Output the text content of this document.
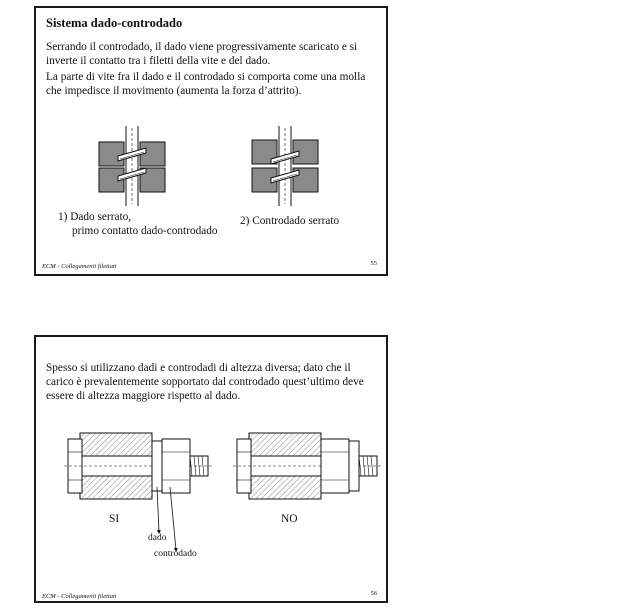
Sistema dado-controdado

Serrando il controdado, il dado viene progressivamente scaricato e si inverte il contatto tra i filetti della vite e del dado.

La parte di vite fra il dado e il controdado si comporta come una molla che impedisce il movimento (aumenta la forza d’attrito).

1) Dado serrato,
primo contatto dado-controdado
2) Controdado serrato
ECM - Collegamenti filettati	55

Spesso si utilizzano dadi e controdadi di altezza diversa; dato che il carico è prevalentemente sopportato dal controdado quest’ultimo deve essere di altezza maggiore rispetto al dado.

SI	NO
dado
controdado
ECM - Collegamenti filettati	56
